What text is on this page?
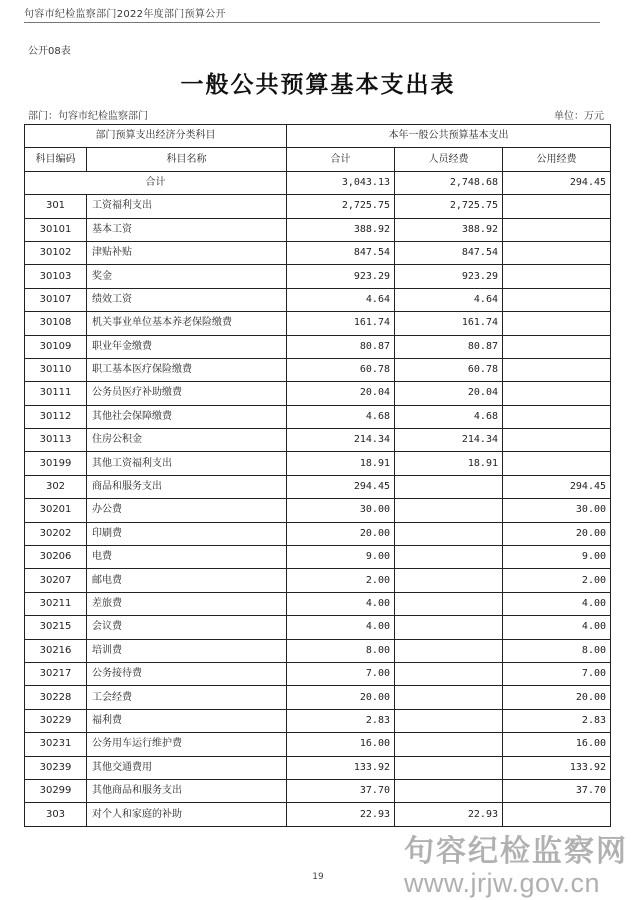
句容市纪检监察部门2022年度部门预算公开
公开08表
一般公共预算基本支出表
部门：句容市纪检监察部门	单位：万元
部门预算支出经济分类科目		本年一般公共预算基本支出		
科目编码	科目名称	合计	人员经费	公用经费
合计		3,043.13	2,748.68	294.45
301	工资福利支出	2,725.75	2,725.75	
30101	基本工资	388.92	388.92	
30102	津贴补贴	847.54	847.54	
30103	奖金	923.29	923.29	
30107	绩效工资	4.64	4.64	
30108	机关事业单位基本养老保险缴费	161.74	161.74	
30109	职业年金缴费	80.87	80.87	
30110	职工基本医疗保险缴费	60.78	60.78	
30111	公务员医疗补助缴费	20.04	20.04	
30112	其他社会保障缴费	4.68	4.68	
30113	住房公积金	214.34	214.34	
30199	其他工资福利支出	18.91	18.91	
302	商品和服务支出	294.45		294.45
30201	办公费	30.00		30.00
30202	印刷费	20.00		20.00
30206	电费	9.00		9.00
30207	邮电费	2.00		2.00
30211	差旅费	4.00		4.00
30215	会议费	4.00		4.00
30216	培训费	8.00		8.00
30217	公务接待费	7.00		7.00
30228	工会经费	20.00		20.00
30229	福利费	2.83		2.83
30231	公务用车运行维护费	16.00		16.00
30239	其他交通费用	133.92		133.92
30299	其他商品和服务支出	37.70		37.70
303	对个人和家庭的补助	22.93	22.93	
19
句容纪检监察网
www.jrjw.gov.cn
